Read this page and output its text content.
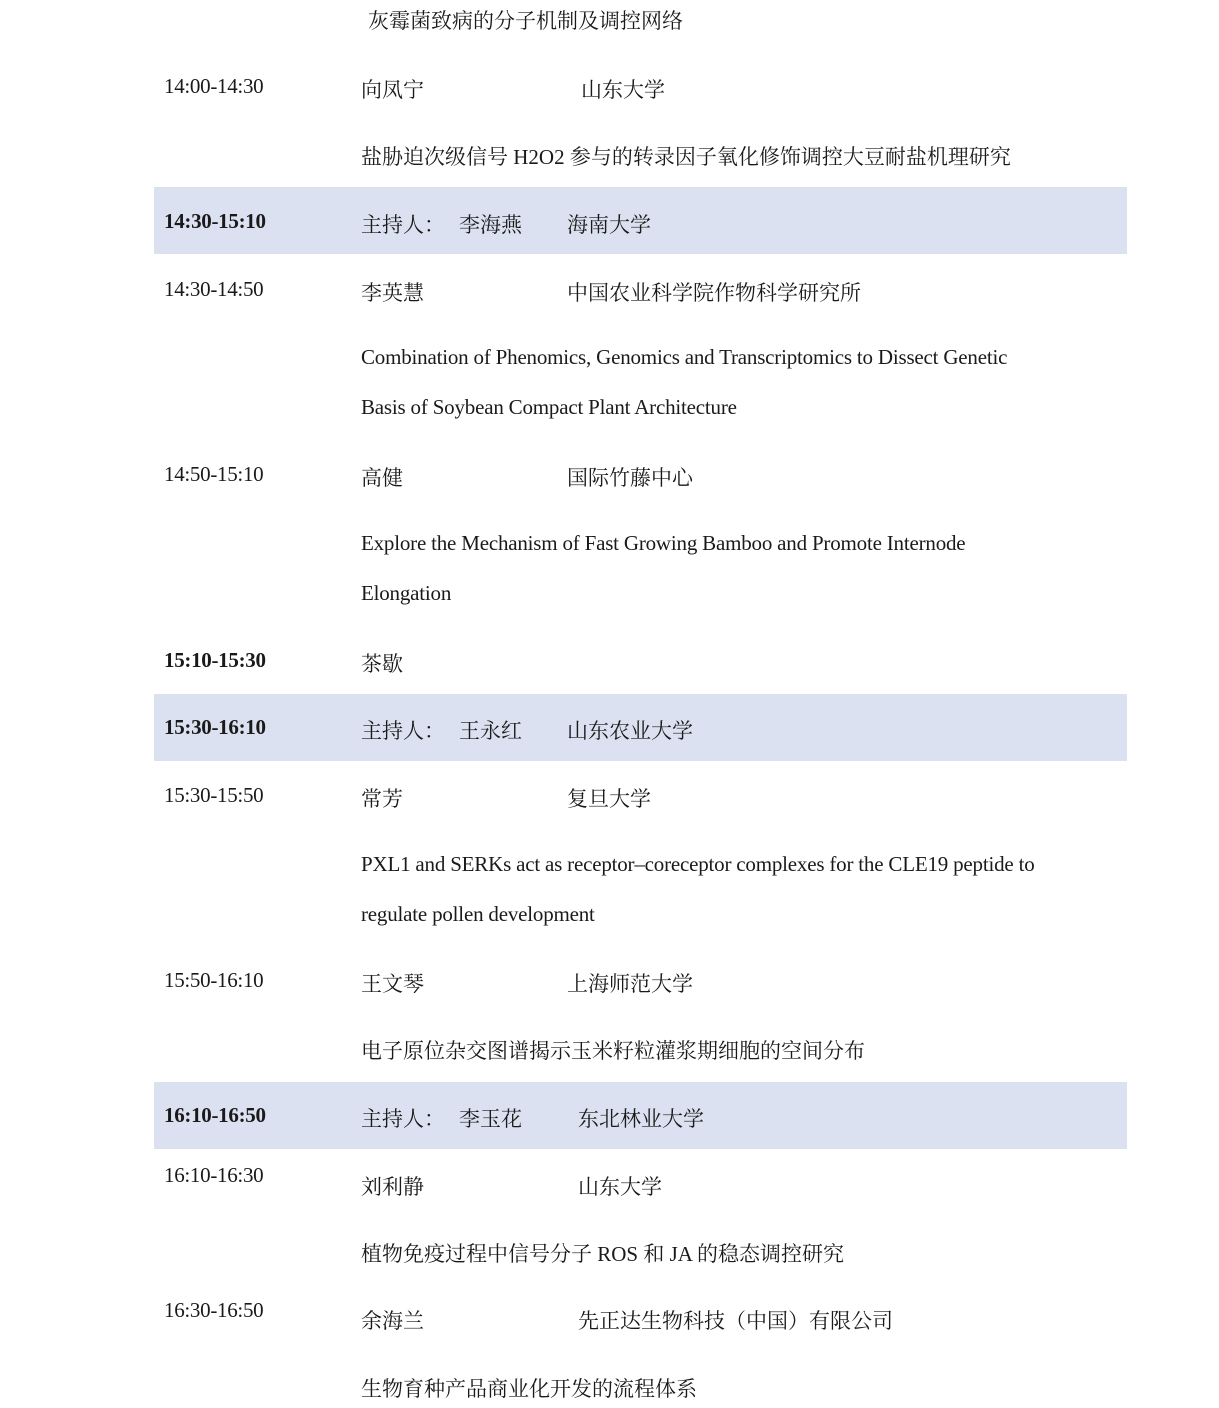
灰霉菌致病的分子机制及调控网络
14:00-14:30	向凤宁	山东大学
盐胁迫次级信号 H2O2 参与的转录因子氧化修饰调控大豆耐盐机理研究
14:30-15:10	主持人： 李海燕 海南大学
14:30-14:50	李英慧	中国农业科学院作物科学研究所
Combination of Phenomics, Genomics and Transcriptomics to Dissect Genetic
Basis of Soybean Compact Plant Architecture
14:50-15:10	高健	国际竹藤中心
Explore the Mechanism of Fast Growing Bamboo and Promote Internode
Elongation
15:10-15:30	茶歇
15:30-16:10	主持人： 王永红 山东农业大学
15:30-15:50	常芳	复旦大学
PXL1 and SERKs act as receptor–coreceptor complexes for the CLE19 peptide to
regulate pollen development
15:50-16:10	王文琴	上海师范大学
电子原位杂交图谱揭示玉米籽粒灌浆期细胞的空间分布
16:10-16:50	主持人： 李玉花	东北林业大学
16:10-16:30	刘利静	山东大学
植物免疫过程中信号分子 ROS 和 JA 的稳态调控研究
16:30-16:50	余海兰	先正达生物科技（中国）有限公司
生物育种产品商业化开发的流程体系
